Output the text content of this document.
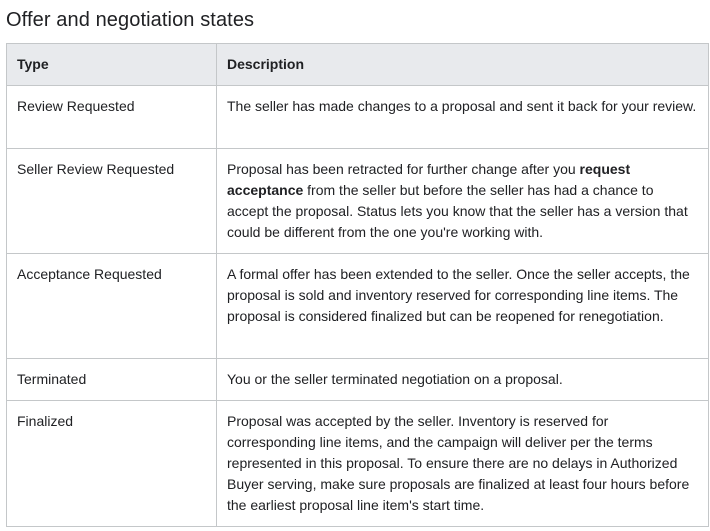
Offer and negotiation states
Type	Description
Review Requested	The seller has made changes to a proposal and sent it back for your review.
Seller Review Requested	Proposal has been retracted for further change after you request acceptance from the seller but before the seller has had a chance to accept the proposal. Status lets you know that the seller has a version that could be different from the one you're working with.
Acceptance Requested	A formal offer has been extended to the seller. Once the seller accepts, the proposal is sold and inventory reserved for corresponding line items. The proposal is considered finalized but can be reopened for renegotiation.
Terminated	You or the seller terminated negotiation on a proposal.
Finalized	Proposal was accepted by the seller. Inventory is reserved for corresponding line items, and the campaign will deliver per the terms represented in this proposal. To ensure there are no delays in Authorized Buyer serving, make sure proposals are finalized at least four hours before the earliest proposal line item's start time.
